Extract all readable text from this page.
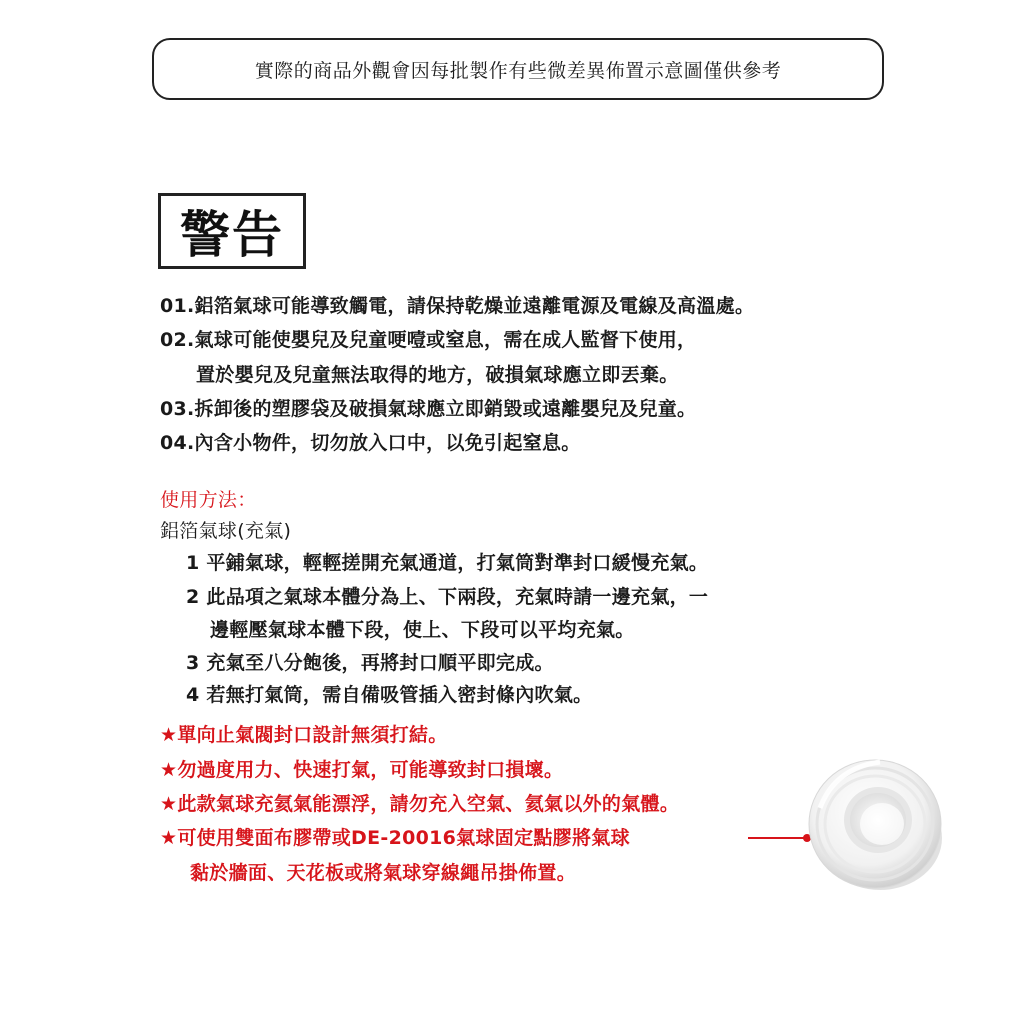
實際的商品外觀會因每批製作有些微差異佈置示意圖僅供參考
警告
01.鋁箔氣球可能導致觸電，請保持乾燥並遠離電源及電線及高溫處。
02.氣球可能使嬰兒及兒童哽噎或窒息，需在成人監督下使用，
置於嬰兒及兒童無法取得的地方，破損氣球應立即丟棄。
03.拆卸後的塑膠袋及破損氣球應立即銷毀或遠離嬰兒及兒童。
04.內含小物件，切勿放入口中，以免引起窒息。
使用方法：
鋁箔氣球(充氣)
1 平鋪氣球，輕輕搓開充氣通道，打氣筒對準封口緩慢充氣。
2 此品項之氣球本體分為上、下兩段，充氣時請一邊充氣，一
邊輕壓氣球本體下段，使上、下段可以平均充氣。
3 充氣至八分飽後，再將封口順平即完成。
4 若無打氣筒，需自備吸管插入密封條內吹氣。
★單向止氣閥封口設計無須打結。
★勿過度用力、快速打氣，可能導致封口損壞。
★此款氣球充氦氣能漂浮，請勿充入空氣、氦氣以外的氣體。
★可使用雙面布膠帶或DE-20016氣球固定點膠將氣球
黏於牆面、天花板或將氣球穿線繩吊掛佈置。
